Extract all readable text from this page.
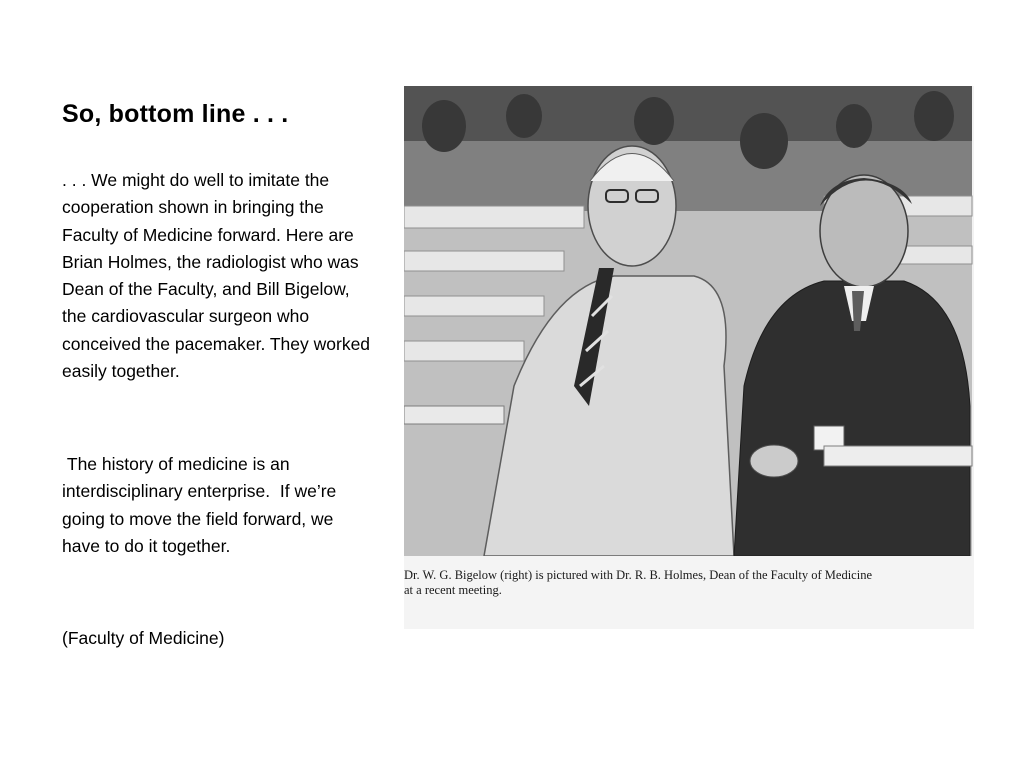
So, bottom line . . .

. . . We might do well to imitate the cooperation shown in bringing the Faculty of Medicine forward. Here are Brian Holmes, the radiologist who was Dean of the Faculty, and Bill Bigelow, the cardiovascular surgeon who conceived the pacemaker. They worked easily together.

The history of medicine is an interdisciplinary enterprise.  If we’re going to move the field forward, we have to do it together.

(Faculty of Medicine)

Dr. W. G. Bigelow (right) is pictured with Dr. R. B. Holmes, Dean of the Faculty of Medicine
at a recent meeting.
